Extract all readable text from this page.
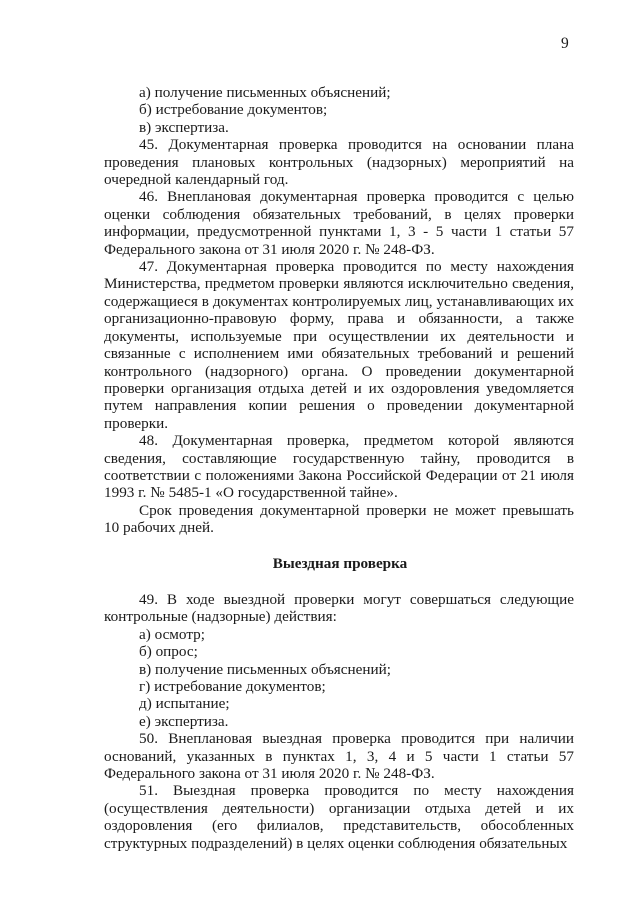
9

а) получение письменных объяснений;

б) истребование документов;

в) экспертиза.

45. Документарная проверка проводится на основании плана проведения плановых контрольных (надзорных) мероприятий на очередной календарный год.

46. Внеплановая документарная проверка проводится с целью оценки соблюдения обязательных требований, в целях проверки информации, предусмотренной пунктами 1, 3 - 5 части 1 статьи 57 Федерального закона от 31 июля 2020 г. № 248-ФЗ.

47. Документарная проверка проводится по месту нахождения Министерства, предметом проверки являются исключительно сведения, содержащиеся в документах контролируемых лиц, устанавливающих их организационно-правовую форму, права и обязанности, а также документы, используемые при осуществлении их деятельности и связанные с исполнением ими обязательных требований и решений контрольного (надзорного) органа. О проведении документарной проверки организация отдыха детей и их оздоровления уведомляется путем направления копии решения о проведении документарной проверки.

48. Документарная проверка, предметом которой являются сведения, составляющие государственную тайну, проводится в соответствии с положениями Закона Российской Федерации от 21 июля 1993 г. № 5485-1 «О государственной тайне».

Срок проведения документарной проверки не может превышать 10 рабочих дней.

Выездная проверка

49. В ходе выездной проверки могут совершаться следующие контрольные (надзорные) действия:

а) осмотр;

б) опрос;

в) получение письменных объяснений;

г) истребование документов;

д) испытание;

е) экспертиза.

50. Внеплановая выездная проверка проводится при наличии оснований, указанных в пунктах 1, 3, 4 и 5 части 1 статьи 57 Федерального закона от 31 июля 2020 г. № 248-ФЗ.

51. Выездная проверка проводится по месту нахождения (осуществления деятельности) организации отдыха детей и их оздоровления (его филиалов, представительств, обособленных структурных подразделений) в целях оценки соблюдения обязательных
